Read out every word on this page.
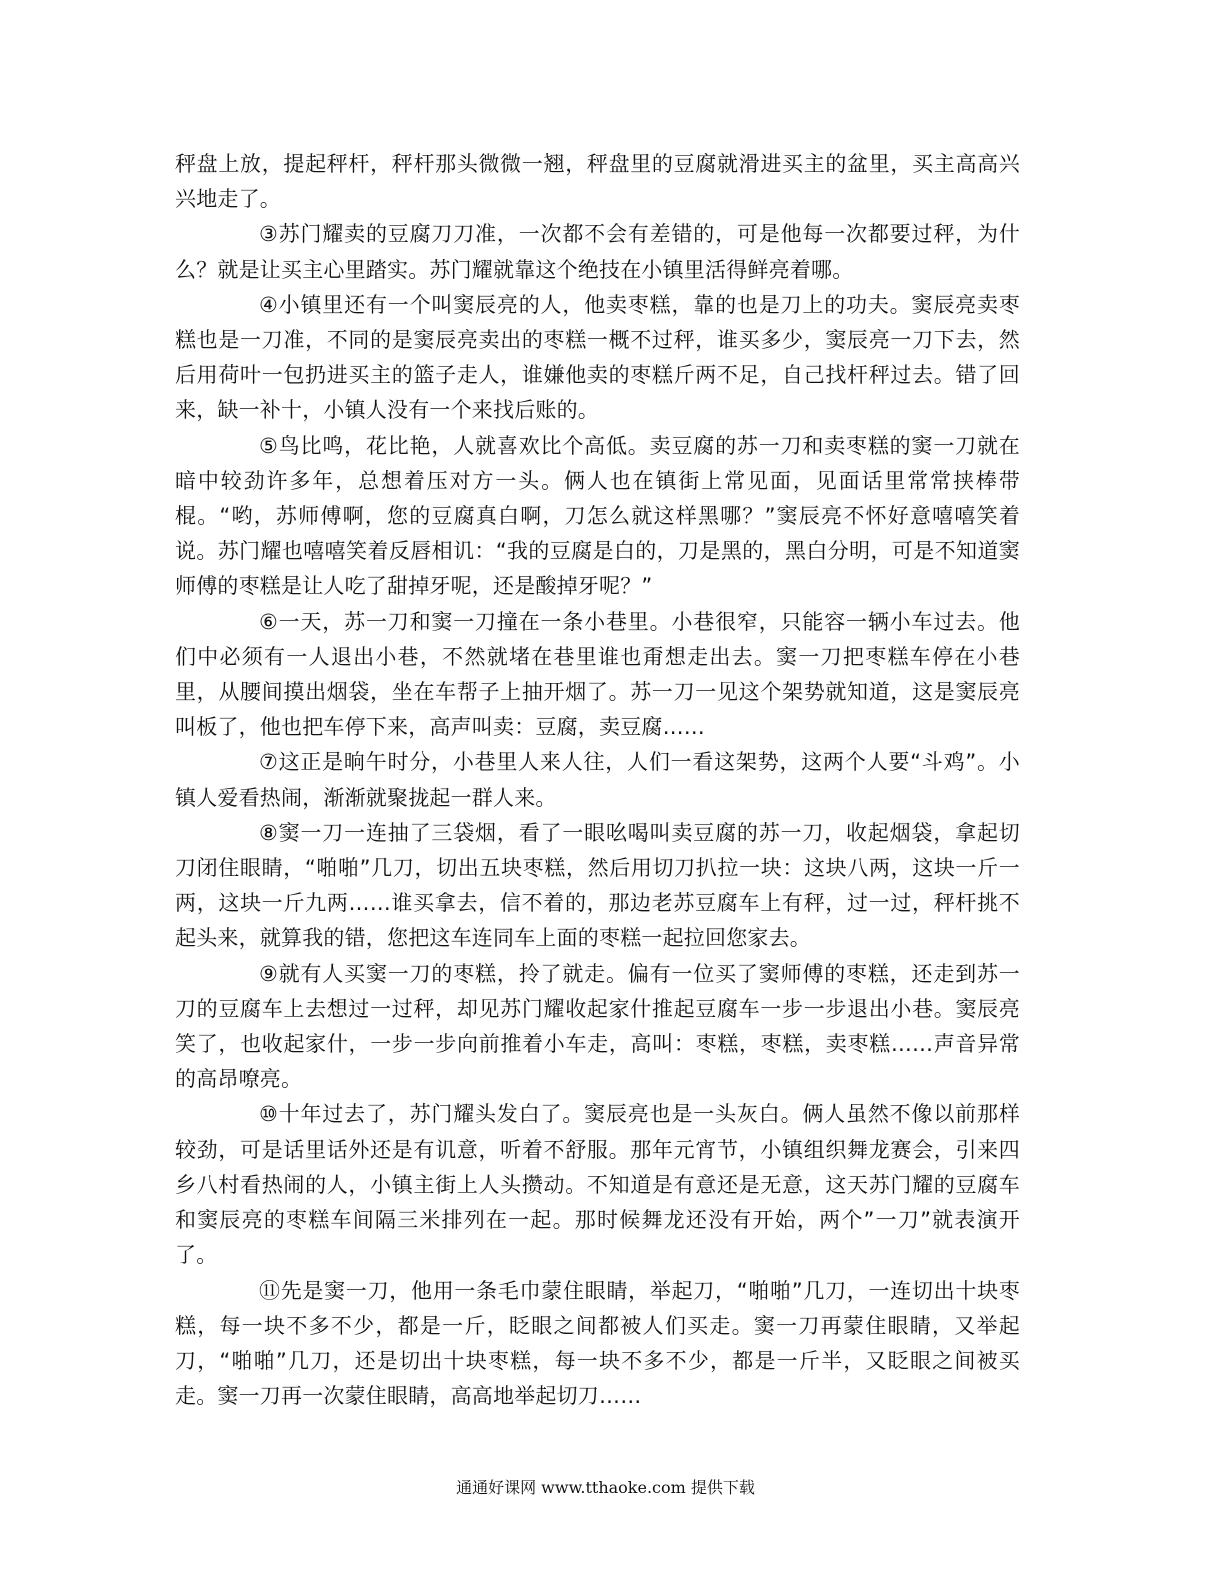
秤盘上放，提起秤杆，秤杆那头微微一翘，秤盘里的豆腐就滑进买主的盆里，买主高高兴兴地走了。

③苏门耀卖的豆腐刀刀准，一次都不会有差错的，可是他每一次都要过秤，为什么？就是让买主心里踏实。苏门耀就靠这个绝技在小镇里活得鲜亮着哪。

④小镇里还有一个叫窦辰亮的人，他卖枣糕，靠的也是刀上的功夫。窦辰亮卖枣糕也是一刀准，不同的是窦辰亮卖出的枣糕一概不过秤，谁买多少，窦辰亮一刀下去，然后用荷叶一包扔进买主的篮子走人，谁嫌他卖的枣糕斤两不足，自己找杆秤过去。错了回来，缺一补十，小镇人没有一个来找后账的。

⑤鸟比鸣，花比艳，人就喜欢比个高低。卖豆腐的苏一刀和卖枣糕的窦一刀就在暗中较劲许多年，总想着压对方一头。俩人也在镇街上常见面，见面话里常常挟棒带棍。“哟，苏师傅啊，您的豆腐真白啊，刀怎么就这样黑哪？”窦辰亮不怀好意嘻嘻笑着说。苏门耀也嘻嘻笑着反唇相讥：“我的豆腐是白的，刀是黑的，黑白分明，可是不知道窦师傅的枣糕是让人吃了甜掉牙呢，还是酸掉牙呢？”

⑥一天，苏一刀和窦一刀撞在一条小巷里。小巷很窄，只能容一辆小车过去。他们中必须有一人退出小巷，不然就堵在巷里谁也甭想走出去。窦一刀把枣糕车停在小巷里，从腰间摸出烟袋，坐在车帮子上抽开烟了。苏一刀一见这个架势就知道，这是窦辰亮叫板了，他也把车停下来，高声叫卖：豆腐，卖豆腐……

⑦这正是晌午时分，小巷里人来人往，人们一看这架势，这两个人要“斗鸡”。小镇人爱看热闹，渐渐就聚拢起一群人来。

⑧窦一刀一连抽了三袋烟，看了一眼吆喝叫卖豆腐的苏一刀，收起烟袋，拿起切刀闭住眼睛，“啪啪”几刀，切出五块枣糕，然后用切刀扒拉一块：这块八两，这块一斤一两，这块一斤九两……谁买拿去，信不着的，那边老苏豆腐车上有秤，过一过，秤杆挑不起头来，就算我的错，您把这车连同车上面的枣糕一起拉回您家去。

⑨就有人买窦一刀的枣糕，拎了就走。偏有一位买了窦师傅的枣糕，还走到苏一刀的豆腐车上去想过一过秤，却见苏门耀收起家什推起豆腐车一步一步退出小巷。窦辰亮笑了，也收起家什，一步一步向前推着小车走，高叫：枣糕，枣糕，卖枣糕……声音异常的高昂嘹亮。

⑩十年过去了，苏门耀头发白了。窦辰亮也是一头灰白。俩人虽然不像以前那样较劲，可是话里话外还是有讥意，听着不舒服。那年元宵节，小镇组织舞龙赛会，引来四乡八村看热闹的人，小镇主街上人头攒动。不知道是有意还是无意，这天苏门耀的豆腐车和窦辰亮的枣糕车间隔三米排列在一起。那时候舞龙还没有开始，两个”一刀”就表演开了。

⑪先是窦一刀，他用一条毛巾蒙住眼睛，举起刀，“啪啪”几刀，一连切出十块枣糕，每一块不多不少，都是一斤，眨眼之间都被人们买走。窦一刀再蒙住眼睛，又举起刀，“啪啪”几刀，还是切出十块枣糕，每一块不多不少，都是一斤半，又眨眼之间被买走。窦一刀再一次蒙住眼睛，高高地举起切刀……

通通好课网 www.tthaoke.com 提供下载
